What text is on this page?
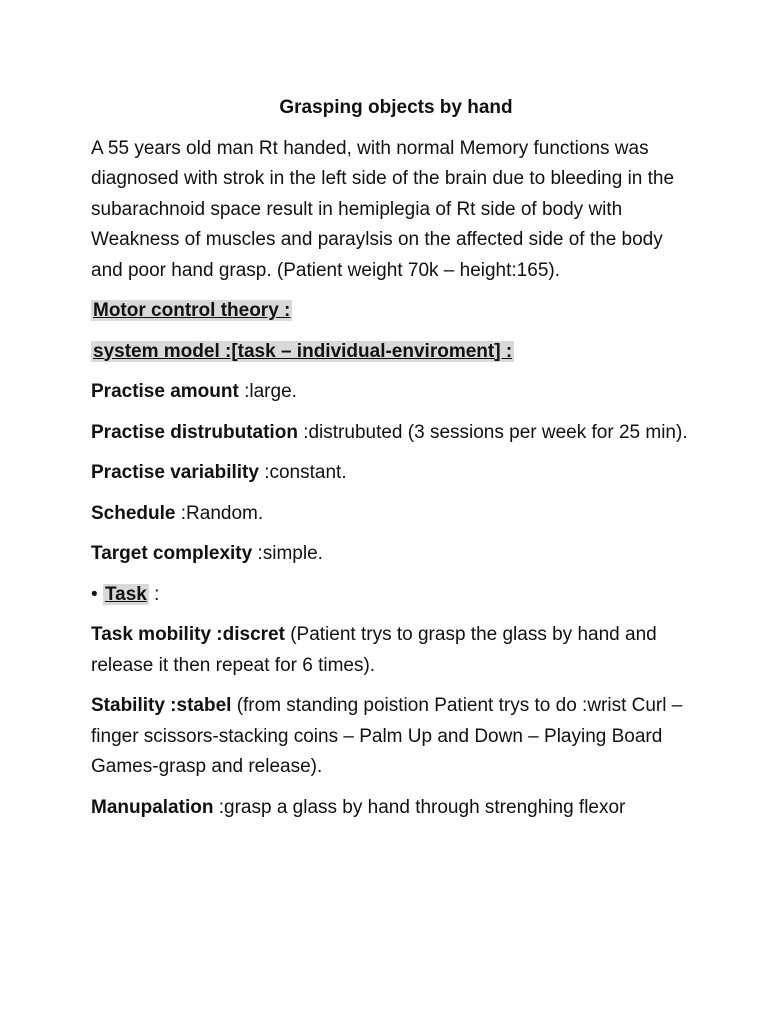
Grasping objects by hand

A 55 years old man Rt handed, with normal Memory functions was diagnosed with strok in the left side of the brain due to bleeding in the subarachnoid space result in hemiplegia of Rt side of body with Weakness of muscles and paraylsis on the affected side of the body and poor hand grasp. (Patient weight 70k – height:165).

Motor control theory :

system model :[task – individual-enviroment] :

Practise amount :large.

Practise distrubutation :distrubuted (3 sessions per week for 25 min).

Practise variability :constant.

Schedule :Random.

Target complexity :simple.

• Task :

Task mobility :discret (Patient trys to grasp the glass by hand and release it then repeat for 6 times).

Stability :stabel (from standing poistion Patient trys to do :wrist Curl – finger scissors-stacking coins – Palm Up and Down – Playing Board Games-grasp and release).

Manupalation :grasp a glass by hand through strenghing flexor
